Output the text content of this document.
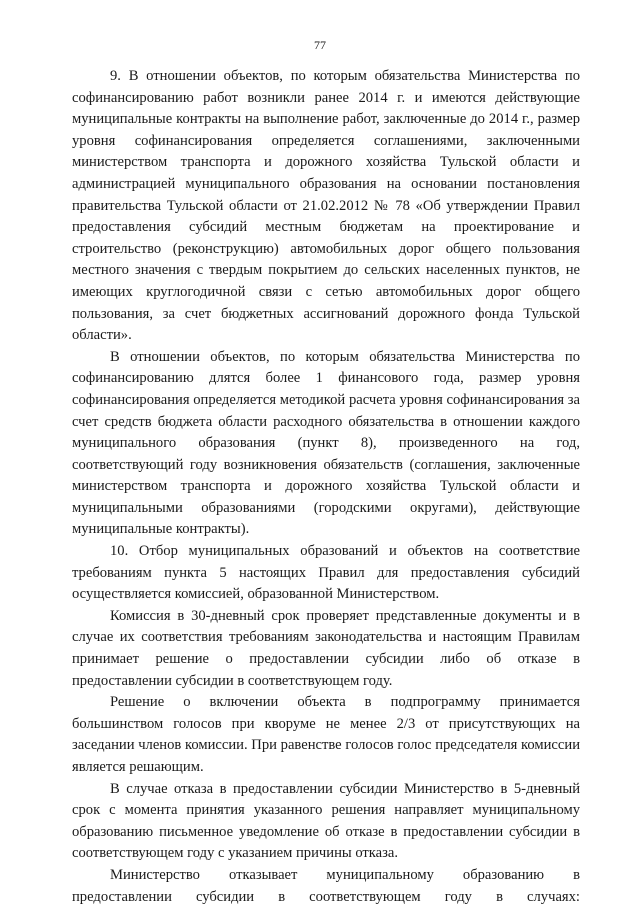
77

9. В отношении объектов, по которым обязательства Министерства по софинансированию работ возникли ранее 2014 г. и имеются действующие муниципальные контракты на выполнение работ, заключенные до 2014 г., размер уровня софинансирования определяется соглашениями, заключенными министерством транспорта и дорожного хозяйства Тульской области и администрацией муниципального образования на основании постановления правительства Тульской области от 21.02.2012 № 78 «Об утверждении Правил предоставления субсидий местным бюджетам на проектирование и строительство (реконструкцию) автомобильных дорог общего пользования местного значения с твердым покрытием до сельских населенных пунктов, не имеющих круглогодичной связи с сетью автомобильных дорог общего пользования, за счет бюджетных ассигнований дорожного фонда Тульской области».

В отношении объектов, по которым обязательства Министерства по софинансированию длятся более 1 финансового года, размер уровня софинансирования определяется методикой расчета уровня софинансирования за счет средств бюджета области расходного обязательства в отношении каждого муниципального образования (пункт 8), произведенного на год, соответствующий году возникновения обязательств (соглашения, заключенные министерством транспорта и дорожного хозяйства Тульской области и муниципальными образованиями (городскими округами), действующие муниципальные контракты).

10. Отбор муниципальных образований и объектов на соответствие требованиям пункта 5 настоящих Правил для предоставления субсидий осуществляется комиссией, образованной Министерством.

Комиссия в 30-дневный срок проверяет представленные документы и в случае их соответствия требованиям законодательства и настоящим Правилам принимает решение о предоставлении субсидии либо об отказе в предоставлении субсидии в соответствующем году.

Решение о включении объекта в подпрограмму принимается большинством голосов при кворуме не менее 2/3 от присутствующих на заседании членов комиссии. При равенстве голосов голос председателя комиссии является решающим.

В случае отказа в предоставлении субсидии Министерство в 5-дневный срок с момента принятия указанного решения направляет муниципальному образованию письменное уведомление об отказе в предоставлении субсидии в соответствующем году с указанием причины отказа.

Министерство отказывает муниципальному образованию в предоставлении субсидии в соответствующем году в случаях:
